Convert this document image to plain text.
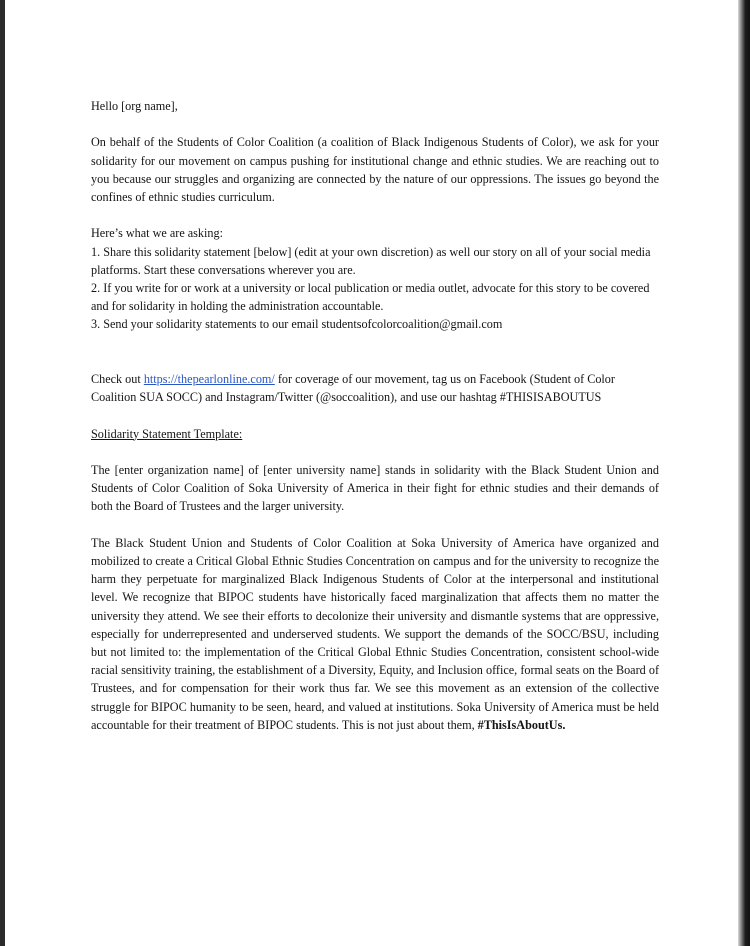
Hello [org name],

On behalf of the Students of Color Coalition (a coalition of Black Indigenous Students of Color), we ask for your solidarity for our movement on campus pushing for institutional change and ethnic studies. We are reaching out to you because our struggles and organizing are connected by the nature of our oppressions. The issues go beyond the confines of ethnic studies curriculum.

Here’s what we are asking:

1. Share this solidarity statement [below] (edit at your own discretion) as well our story on all of your social media platforms. Start these conversations wherever you are.

2. If you write for or work at a university or local publication or media outlet, advocate for this story to be covered and for solidarity in holding the administration accountable.

3. Send your solidarity statements to our email studentsofcolorcoalition@gmail.com

Check out https://thepearlonline.com/ for coverage of our movement, tag us on Facebook (Student of Color Coalition SUA SOCC) and Instagram/Twitter (@soccoalition), and use our hashtag #THISISABOUTUS

Solidarity Statement Template:

The [enter organization name] of [enter university name] stands in solidarity with the Black Student Union and Students of Color Coalition of Soka University of America in their fight for ethnic studies and their demands of both the Board of Trustees and the larger university.

The Black Student Union and Students of Color Coalition at Soka University of America have organized and mobilized to create a Critical Global Ethnic Studies Concentration on campus and for the university to recognize the harm they perpetuate for marginalized Black Indigenous Students of Color at the interpersonal and institutional level. We recognize that BIPOC students have historically faced marginalization that affects them no matter the university they attend. We see their efforts to decolonize their university and dismantle systems that are oppressive, especially for underrepresented and underserved students. We support the demands of the SOCC/BSU, including but not limited to: the implementation of the Critical Global Ethnic Studies Concentration, consistent school-wide racial sensitivity training, the establishment of a Diversity, Equity, and Inclusion office, formal seats on the Board of Trustees, and for compensation for their work thus far. We see this movement as an extension of the collective struggle for BIPOC humanity to be seen, heard, and valued at institutions. Soka University of America must be held accountable for their treatment of BIPOC students. This is not just about them, #ThisIsAboutUs.
